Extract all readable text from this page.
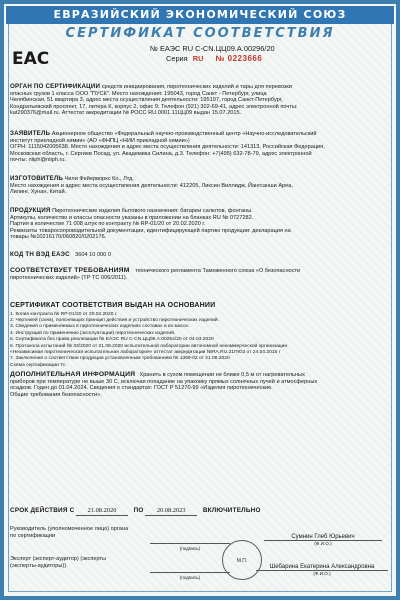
ЕВРАЗИЙСКИЙ ЭКОНОМИЧЕСКИЙ СОЮЗ
СЕРТИФИКАТ СООТВЕТСТВИЯ
ЕАС
№ ЕАЭС RU С-CN.ЦЦ09.А.00296/20
Серия RU № 0223666
ОРГАН ПО СЕРТИФИКАЦИИ средств инициирования, пиротехнических изделий и тары для перевозки
опасных грузов 1 класса ООО "ПУСК". Место нахождения: 195043, город Санкт - Петербург, улица
Челябинская, 51 квартира 3, адрес места осуществления деятельности: 195197, город Санкт-Петербург,
Кондратьевский проспект, 17, литера К, корпус 2, офис 9. Телефон (921) 302-69-41, адрес электронной почты:
kat290376@mail.ru. Аттестат аккредитации № РОСС RU.0001.11ЦЦ09 выдан 15.07.2015.
ЗАЯВИТЕЛЬ Акционерное общество «Федеральный научно-производственный центр «Научно-исследовательский
институт прикладной химии» (АО «ФНПЦ «НИИ прикладной химии»)
ОГРН: 1115042005638. Место нахождения и адрес места осуществления деятельности: 141313, Российская Федерация,
Московская область, г. Сергиев Посад, ул. Академика Силина, д.3. Телефон: +7(495) 632-78-79, адрес электронной
почты: niiph@niiph.ru.
ИЗГОТОВИТЕЛЬ Чили Фейерворкс Ко., Лтд.
Место нахождения и адрес места осуществления деятельности: 412205, Ликсин Виллидж, Йангсанши Ареа,
Лилинг, Хунан, Китай.
ПРОДУКЦИЯ Пиротехнические изделия бытового назначения: батареи салютов, фонтаны.
Артикулы, количество и классы опасности указаны в приложении на бланках RU № 0727282.
Партия в количестве 71 008 штук по контракту № RP-01/20 от 20.02.2020 г.
Реквизиты товаросопроводительной документации, идентифицирующей партию продукции: декларация на
товары №10216170/060820/0202176.
КОД ТН ВЭД ЕАЭС 3604 10 000 0
СООТВЕТСТВУЕТ ТРЕБОВАНИЯМ технического регламента Таможенного союза «О безопасности
пиротехнических изделий» (ТР ТС 006/2011).
СЕРТИФИКАТ СООТВЕТСТВИЯ ВЫДАН НА ОСНОВАНИИ
1. Копия контракта № RP-01/20 от 20.02.2020 г.
2. Чертежей (схем), поясняющих принцип действия и устройство пиротехнических изделий.
3. Сведения о применяемых в пиротехнических изделиях составах и их массе.
4. Инструкций по применению (эксплуатации) пиротехнических изделий.
5. Сертификата без права реализации № ЕАЭС RU C-CN.ЦЦ09.А.00254/20 от 04.03.2020
6. Протокола испытаний № 33/2020 от 21.08.2020 испытательной лаборатории автономной некоммерческой организации
«Независимая пиротехническая испытательная лаборатория» аттестат аккредитации №RA.RU.21ПЮ3 от 24.04.2015 г
7. Заключения о соответствии продукции установленным требованиям № 1369-02 от 21.08.2020
Схема сертификации 7с.
ДОПОЛНИТЕЛЬНАЯ ИНФОРМАЦИЯ Хранить в сухом помещении не ближе 0,5 м от нагревательных
приборов при температуре не выше 30 С, исключая попадание на упаковку прямых солнечных лучей и атмосферных
осадков. Годен до 01.04.2024. Сведения о стандартах: ГОСТ Р 51270-99 «Изделия пиротехнические.
Общие требования безопасности».
СРОК ДЕЙСТВИЯ С 21.08.2020	ПО 20.08.2023	ВКЛЮЧИТЕЛЬНО
Руководитель (уполномоченное лицо) органа по сертификации
(подпись)
Сумнин Глеб Юрьевич
(Ф.И.О.)
Эксперт (эксперт-аудитор) (эксперты (эксперты-аудиторы))
(подпись)
Шебарина Екатерина Александровна
(Ф.И.О.)
М.П.
